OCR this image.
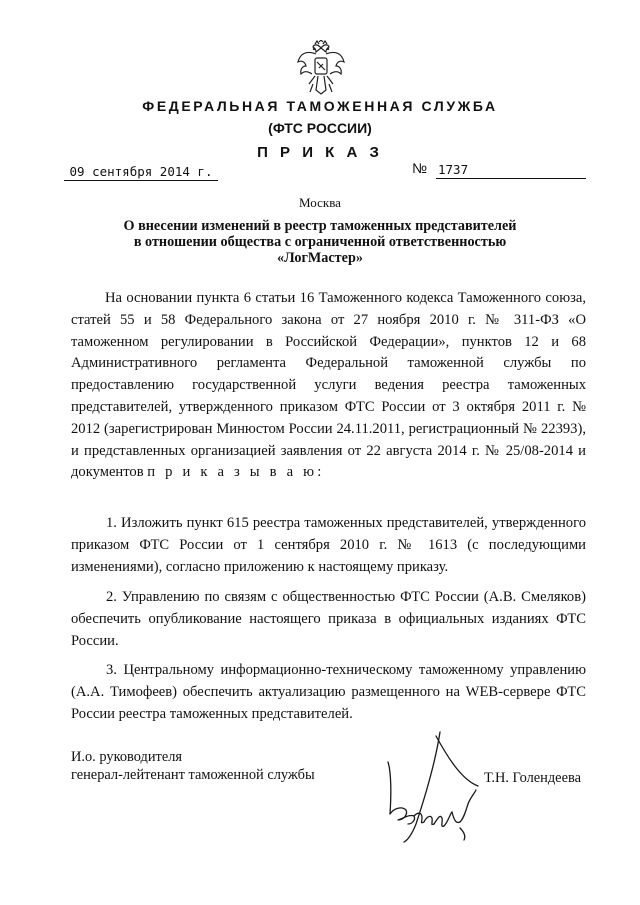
ФЕДЕРАЛЬНАЯ ТАМОЖЕННАЯ СЛУЖБА
(ФТС РОССИИ)
П Р И К А З
09 сентября 2014 г.	№ 1737
Москва
О внесении изменений в реестр таможенных представителей
в отношении общества с ограниченной ответственностью
«ЛогМастер»
На основании пункта 6 статьи 16 Таможенного кодекса Таможенного союза, статей 55 и 58 Федерального закона от 27 ноября 2010 г. № 311-ФЗ «О таможенном регулировании в Российской Федерации», пунктов 12 и 68 Административного регламента Федеральной таможенной службы по предоставлению государственной услуги ведения реестра таможенных представителей, утвержденного приказом ФТС России от 3 октября 2011 г. № 2012 (зарегистрирован Минюстом России 24.11.2011, регистрационный № 22393), и представленных организацией заявления от 22 августа 2014 г. № 25/08-2014 и документов п р и к а з ы в а ю:
1. Изложить пункт 615 реестра таможенных представителей, утвержденного приказом ФТС России от 1 сентября 2010 г. № 1613 (с последующими изменениями), согласно приложению к настоящему приказу.
2. Управлению по связям с общественностью ФТС России (А.В. Смеляков) обеспечить опубликование настоящего приказа в официальных изданиях ФТС России.
3. Центральному информационно-техническому таможенному управлению (А.А. Тимофеев) обеспечить актуализацию размещенного на WEB-сервере ФТС России реестра таможенных представителей.
И.о. руководителя
генерал-лейтенант таможенной службы	Т.Н. Голендеева
